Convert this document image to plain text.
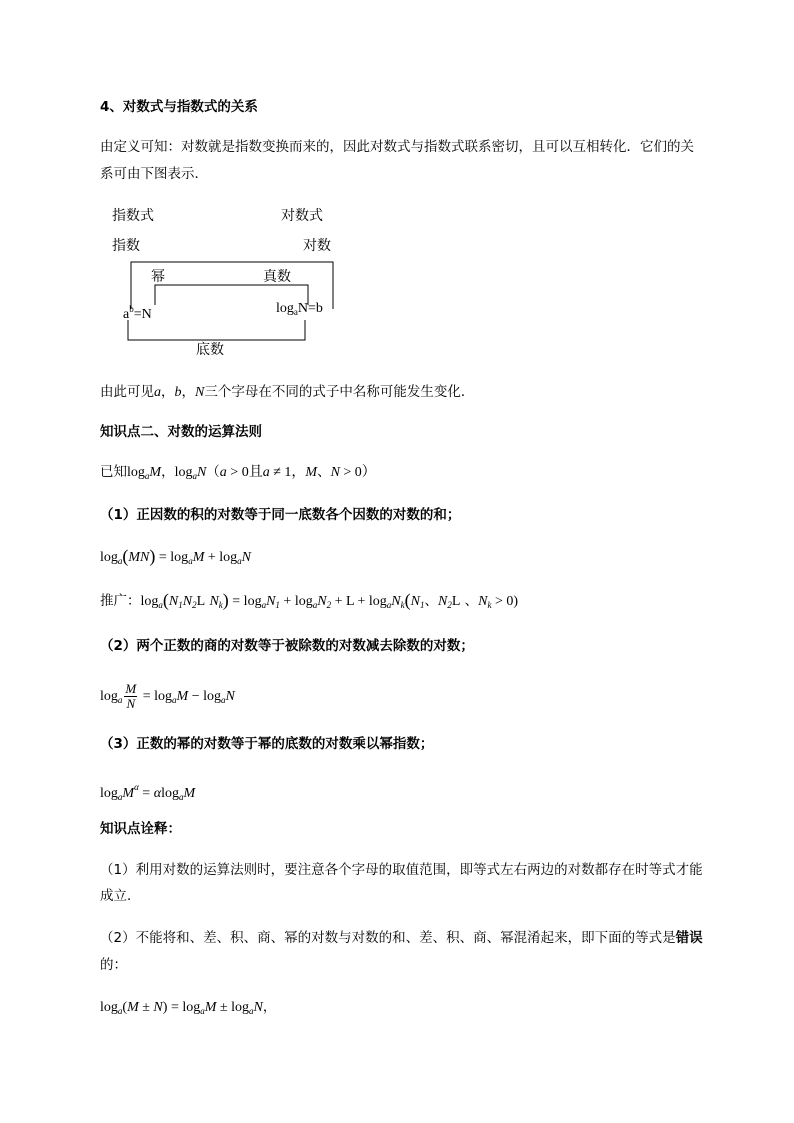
4、对数式与指数式的关系
由定义可知：对数就是指数变换而来的，因此对数式与指数式联系密切，且可以互相转化．它们的关
系可由下图表示．
指数式	对数式
指数	对数
幂	真数
$a^b=N$	$\log_aN=b$
底数
由此可见a，b，N三个字母在不同的式子中名称可能发生变化．
知识点二、对数的运算法则
已知$\log_aM$，$\log_aN(a > 0$且a ≠ 1，M、N > 0）
（1）正因数的积的对数等于同一底数各个因数的对数的和；
$\log_a(MN) = \log_aM + \log_aN$
推广：$\log_a(N_1N_2L$ $N_k) = \log_aN_1 + \log_aN_2 + L + \log_aN_k(N_1$、$N_2L$ 、$N_k > 0$)
（2）两个正数的商的对数等于被除数的对数减去除数的对数；
$\log_a \frac{M}{N} = \log_aM - \log_aN$
（3）正数的幂的对数等于幂的底数的对数乘以幂指数；
$\log_aM^\alpha = \alpha\log_aM$
知识点诠释：
（1）利用对数的运算法则时，要注意各个字母的取值范围，即等式左右两边的对数都存在时等式才能
成立．
（2）不能将和、差、积、商、幂的对数与对数的和、差、积、商、幂混淆起来，即下面的等式是错误
的：
$\log_a(M \pm N) = \log_aM \pm \log_aN$，
